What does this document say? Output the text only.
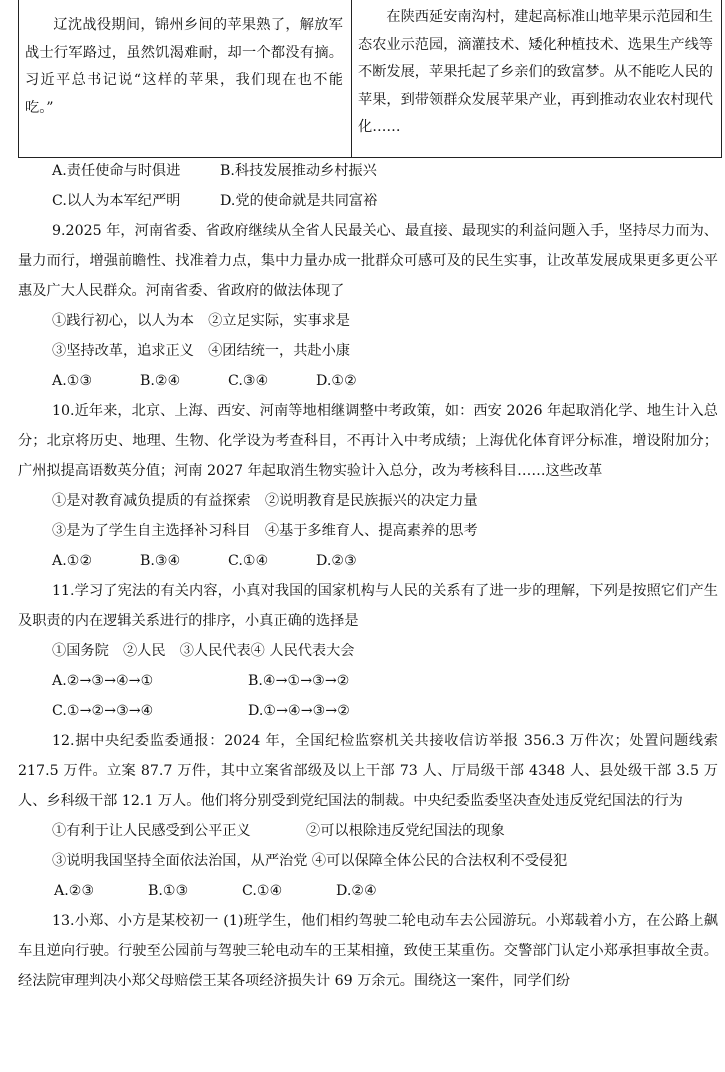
辽沈战役期间，锦州乡间的苹果熟了，解放军战士行军路过，虽然饥渴难耐，却一个都没有摘。习近平总书记说“这样的苹果，我们现在也不能吃。”

在陕西延安南沟村，建起高标准山地苹果示范园和生态农业示范园，滴灌技术、矮化种植技术、选果生产线等不断发展，苹果托起了乡亲们的致富梦。从不能吃人民的苹果，到带领群众发展苹果产业，再到推动农业农村现代化……

A.责任使命与时俱进	B.科技发展推动乡村振兴
C.以人为本军纪严明	D.党的使命就是共同富裕
9.2025 年，河南省委、省政府继续从全省人民最关心、最直接、最现实的利益问题入手，坚持尽力而为、量力而行，增强前瞻性、找准着力点，集中力量办成一批群众可感可及的民生实事，让改革发展成果更多更公平惠及广大人民群众。河南省委、省政府的做法体现了
①践行初心，以人为本　②立足实际，实事求是
③坚持改革，追求正义　④团结统一，共赴小康
A.①③	B.②④	C.③④	D.①②
10.近年来，北京、上海、西安、河南等地相继调整中考政策，如：西安 2026 年起取消化学、地生计入总分；北京将历史、地理、生物、化学设为考查科目，不再计入中考成绩；上海优化体育评分标准，增设附加分；广州拟提高语数英分值；河南 2027 年起取消生物实验计入总分，改为考核科目……这些改革
①是对教育减负提质的有益探索　②说明教育是民族振兴的决定力量
③是为了学生自主选择补习科目　④基于多维育人、提高素养的思考
A.①②	B.③④	C.①④	D.②③
11.学习了宪法的有关内容，小真对我国的国家机构与人民的关系有了进一步的理解，下列是按照它们产生及职责的内在逻辑关系进行的排序，小真正确的选择是
①国务院　②人民　③人民代表④ 人民代表大会
A.②→③→④→①	B.④→①→③→②
C.①→②→③→④	D.①→④→③→②
12.据中央纪委监委通报：2024 年，全国纪检监察机关共接收信访举报 356.3 万件次；处置问题线索 217.5 万件。立案 87.7 万件，其中立案省部级及以上干部 73 人、厅局级干部 4348 人、县处级干部 3.5 万人、乡科级干部 12.1 万人。他们将分别受到党纪国法的制裁。中央纪委监委坚决查处违反党纪国法的行为
①有利于让人民感受到公平正义	②可以根除违反党纪国法的现象
③说明我国坚持全面依法治国，从严治党 ④可以保障全体公民的合法权利不受侵犯
A.②③	B.①③	C.①④	D.②④
13.小郑、小方是某校初一 (1)班学生，他们相约驾驶二轮电动车去公园游玩。小郑载着小方，在公路上飙车且逆向行驶。行驶至公园前与驾驶三轮电动车的王某相撞，致使王某重伤。交警部门认定小郑承担事故全责。经法院审理判决小郑父母赔偿王某各项经济损失计 69 万余元。围绕这一案件，同学们纷
